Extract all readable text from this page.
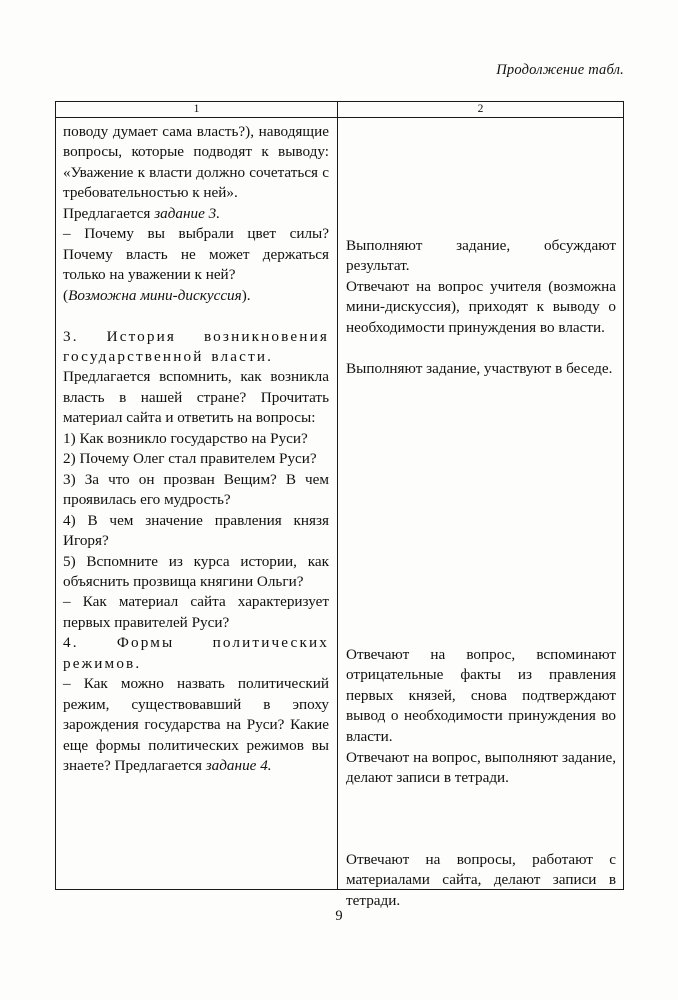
Продолжение табл.
1	2

поводу думает сама власть?), наводящие вопросы, которые подводят к выводу: «Уважение к власти должно сочетаться с требовательностью к ней».

Предлагается задание 3.

– Почему вы выбрали цвет силы? Почему власть не может держаться только на уважении к ней?

(Возможна мини-дискуссия).

3. История возникновения государственной власти.

Предлагается вспомнить, как возникла власть в нашей стране? Прочитать материал сайта и ответить на вопросы:

1) Как возникло государство на Руси?

2) Почему Олег стал правителем Руси?

3) За что он прозван Вещим? В чем проявилась его мудрость?

4) В чем значение правления князя Игоря?

5) Вспомните из курса истории, как объяснить прозвища княгини Ольги?

– Как материал сайта характеризует первых правителей Руси?

4. Формы политических режимов.

– Как можно назвать политический режим, существовавший в эпоху зарождения государства на Руси? Какие еще формы политических режимов вы знаете? Предлагается задание 4.

Выполняют задание, обсуждают результат.

Отвечают на вопрос учителя (возможна мини-дискуссия), приходят к выводу о необходимости принуждения во власти.

Выполняют задание, участвуют в беседе.

Отвечают на вопрос, вспоминают отрицательные факты из правления первых князей, снова подтверждают вывод о необходимости принуждения во власти.

Отвечают на вопрос, выполняют задание, делают записи в тетради.

Отвечают на вопросы, работают с материалами сайта, делают записи в тетради.

9
